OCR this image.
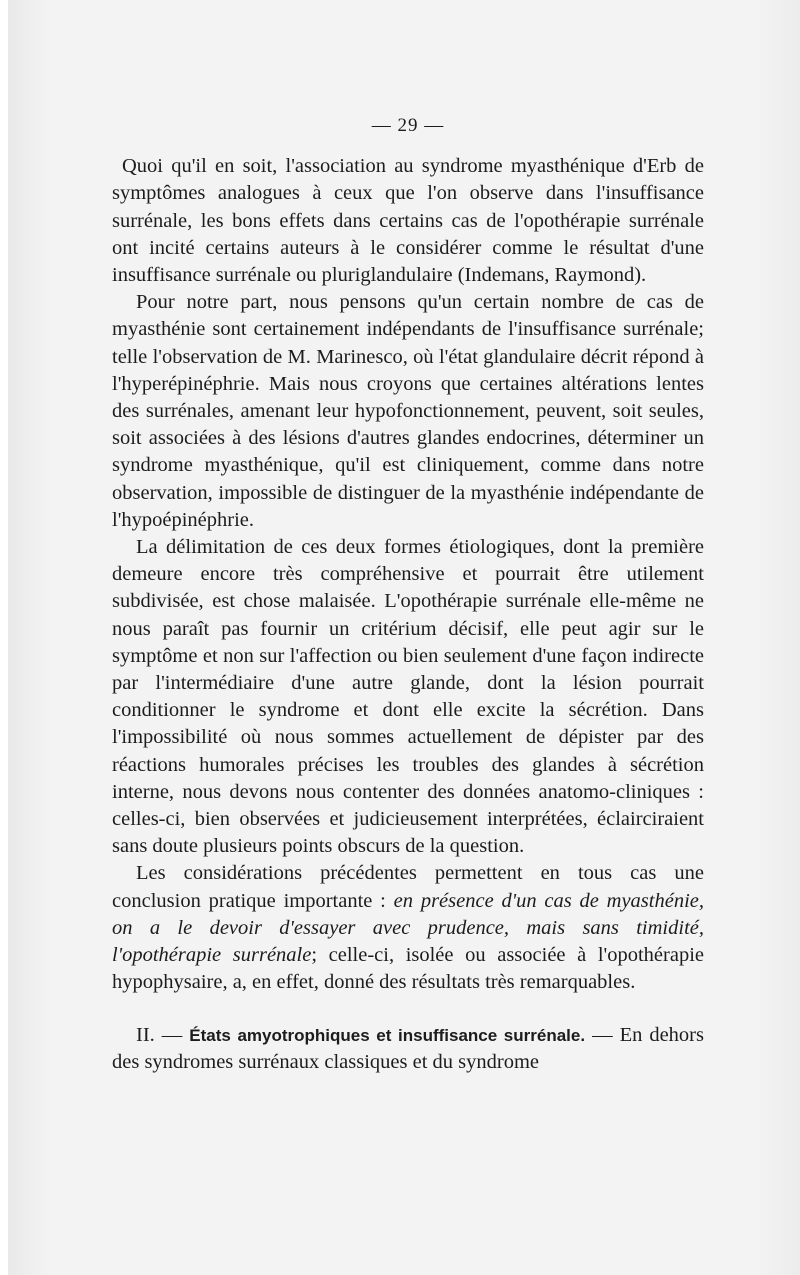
— 29 —

Quoi qu'il en soit, l'association au syndrome myasthénique d'Erb de symptômes analogues à ceux que l'on observe dans l'insuffisance surrénale, les bons effets dans certains cas de l'opothérapie surrénale ont incité certains auteurs à le considérer comme le résultat d'une insuffisance surrénale ou pluriglandulaire (Indemans, Raymond).

Pour notre part, nous pensons qu'un certain nombre de cas de myasthénie sont certainement indépendants de l'insuffisance surrénale; telle l'observation de M. Marinesco, où l'état glandulaire décrit répond à l'hyperépinéphrie. Mais nous croyons que certaines altérations lentes des surrénales, amenant leur hypofonctionnement, peuvent, soit seules, soit associées à des lésions d'autres glandes endocrines, déterminer un syndrome myasthénique, qu'il est cliniquement, comme dans notre observation, impossible de distinguer de la myasthénie indépendante de l'hypoépinéphrie.

La délimitation de ces deux formes étiologiques, dont la première demeure encore très compréhensive et pourrait être utilement subdivisée, est chose malaisée. L'opothérapie surrénale elle-même ne nous paraît pas fournir un critérium décisif, elle peut agir sur le symptôme et non sur l'affection ou bien seulement d'une façon indirecte par l'intermédiaire d'une autre glande, dont la lésion pourrait conditionner le syndrome et dont elle excite la sécrétion. Dans l'impossibilité où nous sommes actuellement de dépister par des réactions humorales précises les troubles des glandes à sécrétion interne, nous devons nous contenter des données anatomo-cliniques : celles-ci, bien observées et judicieusement interprétées, éclairciraient sans doute plusieurs points obscurs de la question.

Les considérations précédentes permettent en tous cas une conclusion pratique importante : en présence d'un cas de myasthénie, on a le devoir d'essayer avec prudence, mais sans timidité, l'opothérapie surrénale; celle-ci, isolée ou associée à l'opothérapie hypophysaire, a, en effet, donné des résultats très remarquables.

II. — États amyotrophiques et insuffisance surrénale. — En dehors des syndromes surrénaux classiques et du syndrome
